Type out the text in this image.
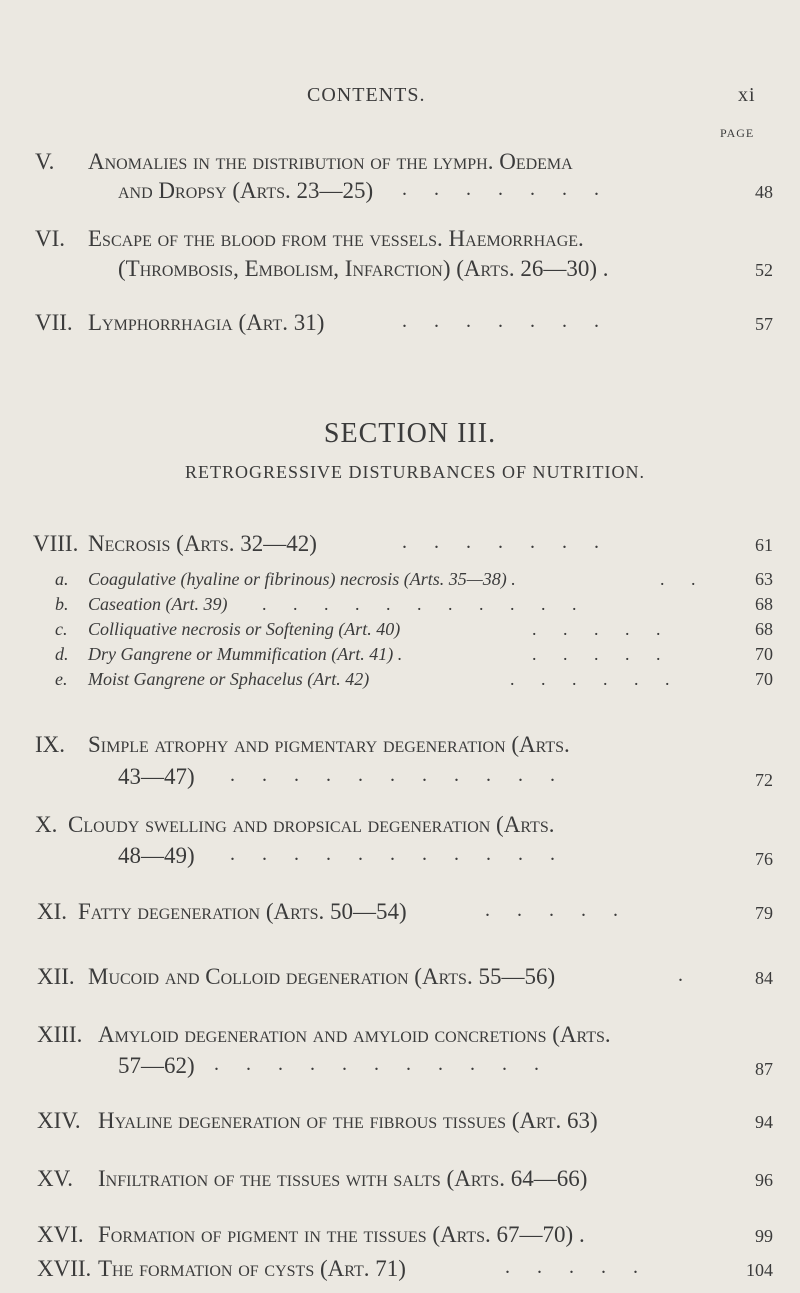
CONTENTS.	xi
PAGE
V. Anomalies in the distribution of the lymph. Oedema
and Dropsy (Arts. 23—25) . . . . . . .	48
VI. Escape of the blood from the vessels. Haemorrhage.
(Thrombosis, Embolism, Infarction) (Arts. 26—30) .	52
VII. Lymphorrhagia (Art. 31)	. . . . . . .	57
SECTION III.
RETROGRESSIVE DISTURBANCES OF NUTRITION.
VIII. Necrosis (Arts. 32—42)	. . . . . . .	61
a. Coagulative (hyaline or fibrinous) necrosis (Arts. 35—38) .	. .	63
b. Caseation (Art. 39) . . . . . . . . . . .	68
c. Colliquative necrosis or Softening (Art. 40)	. . . . .	68
d. Dry Gangrene or Mummification (Art. 41) .	. . . . .	70
e. Moist Gangrene or Sphacelus (Art. 42)	. . . . . .	70
IX. Simple atrophy and pigmentary degeneration (Arts.
43—47) . . . . . . . . . . .	72
X. Cloudy swelling and dropsical degeneration (Arts.
48—49) . . . . . . . . . . .	76
XI. Fatty degeneration (Arts. 50—54)	. . . . .	79
XII. Mucoid and Colloid degeneration (Arts. 55—56)	.	84
XIII. Amyloid degeneration and amyloid concretions (Arts.
57—62) . . . . . . . . . . .	87
XIV. Hyaline degeneration of the fibrous tissues (Art. 63)	94
XV. Infiltration of the tissues with salts (Arts. 64—66)	96
XVI. Formation of pigment in the tissues (Arts. 67—70) .	99
XVII. The formation of cysts (Art. 71)	. . . . .	104
